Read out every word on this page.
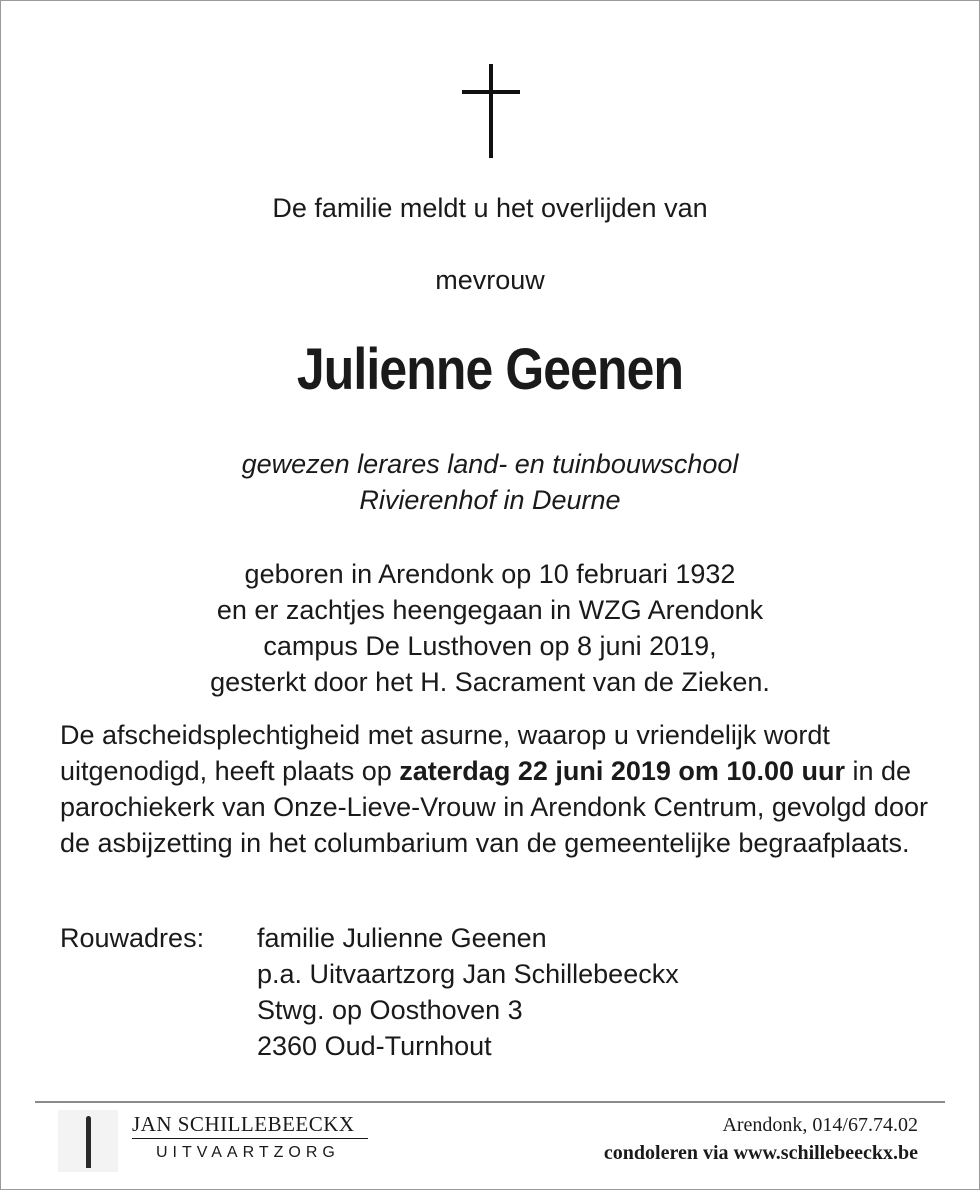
De familie meldt u het overlijden van
mevrouw
Julienne Geenen
gewezen lerares land- en tuinbouwschool
Rivierenhof in Deurne
geboren in Arendonk op 10 februari 1932
en er zachtjes heengegaan in WZG Arendonk
campus De Lusthoven op 8 juni 2019,
gesterkt door het H. Sacrament van de Zieken.
De afscheidsplechtigheid met asurne, waarop u vriendelijk wordt uitgenodigd, heeft plaats op zaterdag 22 juni 2019 om 10.00 uur in de parochiekerk van Onze-Lieve-Vrouw in Arendonk Centrum, gevolgd door de asbijzetting in het columbarium van de gemeentelijke begraafplaats.
Rouwadres: familie Julienne Geenen
p.a. Uitvaartzorg Jan Schillebeeckx
Stwg. op Oosthoven 3
2360 Oud-Turnhout
JAN SCHILLEBEECKX
UITVAARTZORG
Arendonk, 014/67.74.02
condoleren via www.schillebeeckx.be
